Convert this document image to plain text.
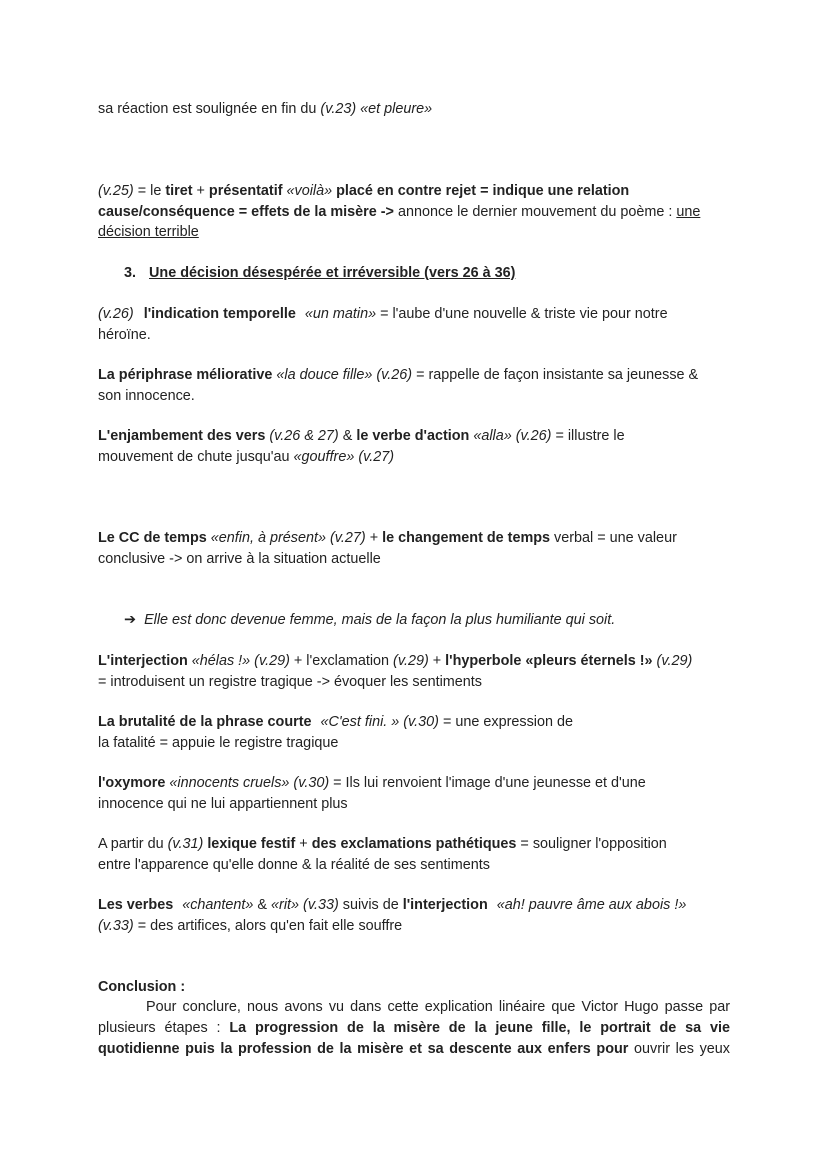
sa réaction est soulignée en fin du (v.23) «et pleure»

(v.25) = le tiret + présentatif «voilà» placé en contre rejet = indique une relation
cause/conséquence = effets de la misère -> annonce le dernier mouvement du poème : une
décision terrible

3. Une décision désespérée et irréversible (vers 26 à 36)

(v.26) l'indication temporelle «un matin» = l'aube d'une nouvelle & triste vie pour notre
héroïne.

La périphrase méliorative «la douce fille» (v.26) = rappelle de façon insistante sa jeunesse &
son innocence.

L'enjambement des vers (v.26 & 27) & le verbe d'action «alla» (v.26) = illustre le
mouvement de chute jusqu'au «gouffre» (v.27)

Le CC de temps «enfin, à présent» (v.27) + le changement de temps verbal = une valeur
conclusive -> on arrive à la situation actuelle

➔ Elle est donc devenue femme, mais de la façon la plus humiliante qui soit.

L'interjection «hélas !» (v.29) + l'exclamation (v.29) + l'hyperbole «pleurs éternels !» (v.29)
= introduisent un registre tragique -> évoquer les sentiments

La brutalité de la phrase courte «C'est fini. » (v.30) = une expression de
la fatalité = appuie le registre tragique

l'oxymore «innocents cruels» (v.30) = Ils lui renvoient l'image d'une jeunesse et d'une
innocence qui ne lui appartiennent plus

A partir du (v.31) lexique festif + des exclamations pathétiques = souligner l'opposition
entre l'apparence qu'elle donne & la réalité de ses sentiments

Les verbes «chantent» & «rit» (v.33) suivis de l'interjection «ah! pauvre âme aux abois !»
(v.33) = des artifices, alors qu'en fait elle souffre

Conclusion :

Pour conclure, nous avons vu dans cette explication linéaire que Victor Hugo passe par
plusieurs étapes : La progression de la misère de la jeune fille, le portrait de sa vie
quotidienne puis la profession de la misère et sa descente aux enfers pour ouvrir les yeux
